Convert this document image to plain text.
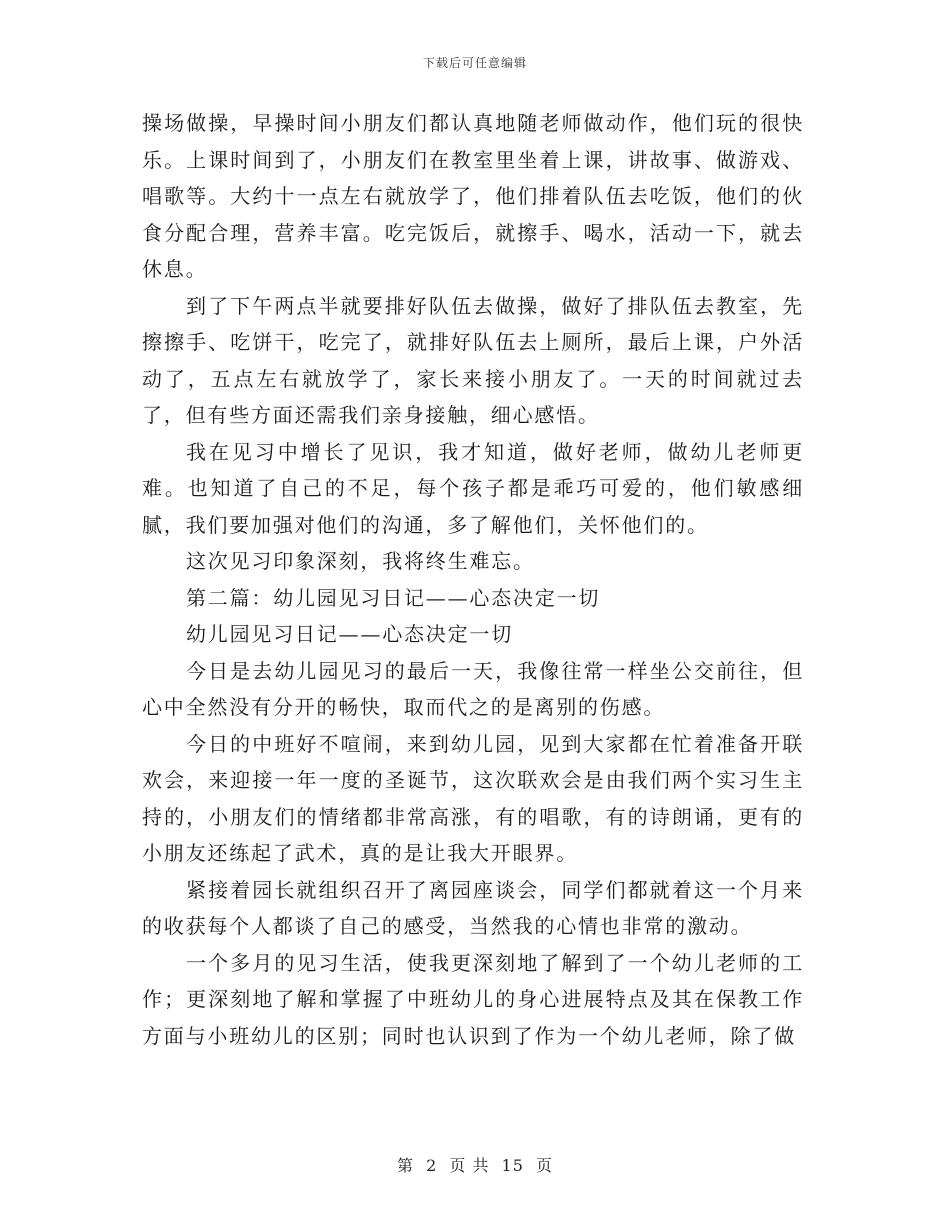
下载后可任意编辑

操场做操，早操时间小朋友们都认真地随老师做动作，他们玩的很快乐。上课时间到了，小朋友们在教室里坐着上课，讲故事、做游戏、唱歌等。大约十一点左右就放学了，他们排着队伍去吃饭，他们的伙食分配合理，营养丰富。吃完饭后，就擦手、喝水，活动一下，就去休息。

到了下午两点半就要排好队伍去做操，做好了排队伍去教室，先擦擦手、吃饼干，吃完了，就排好队伍去上厕所，最后上课，户外活动了，五点左右就放学了，家长来接小朋友了。一天的时间就过去了，但有些方面还需我们亲身接触，细心感悟。

我在见习中增长了见识，我才知道，做好老师，做幼儿老师更难。也知道了自己的不足，每个孩子都是乖巧可爱的，他们敏感细腻，我们要加强对他们的沟通，多了解他们，关怀他们的。

这次见习印象深刻，我将终生难忘。

第二篇：幼儿园见习日记——心态决定一切

幼儿园见习日记——心态决定一切

今日是去幼儿园见习的最后一天，我像往常一样坐公交前往，但心中全然没有分开的畅快，取而代之的是离别的伤感。

今日的中班好不喧闹，来到幼儿园，见到大家都在忙着准备开联欢会，来迎接一年一度的圣诞节，这次联欢会是由我们两个实习生主持的，小朋友们的情绪都非常高涨，有的唱歌，有的诗朗诵，更有的小朋友还练起了武术，真的是让我大开眼界。

紧接着园长就组织召开了离园座谈会，同学们都就着这一个月来的收获每个人都谈了自己的感受，当然我的心情也非常的激动。

一个多月的见习生活，使我更深刻地了解到了一个幼儿老师的工作；更深刻地了解和掌握了中班幼儿的身心进展特点及其在保教工作方面与小班幼儿的区别；同时也认识到了作为一个幼儿老师，除了做

第 2 页 共 15 页
